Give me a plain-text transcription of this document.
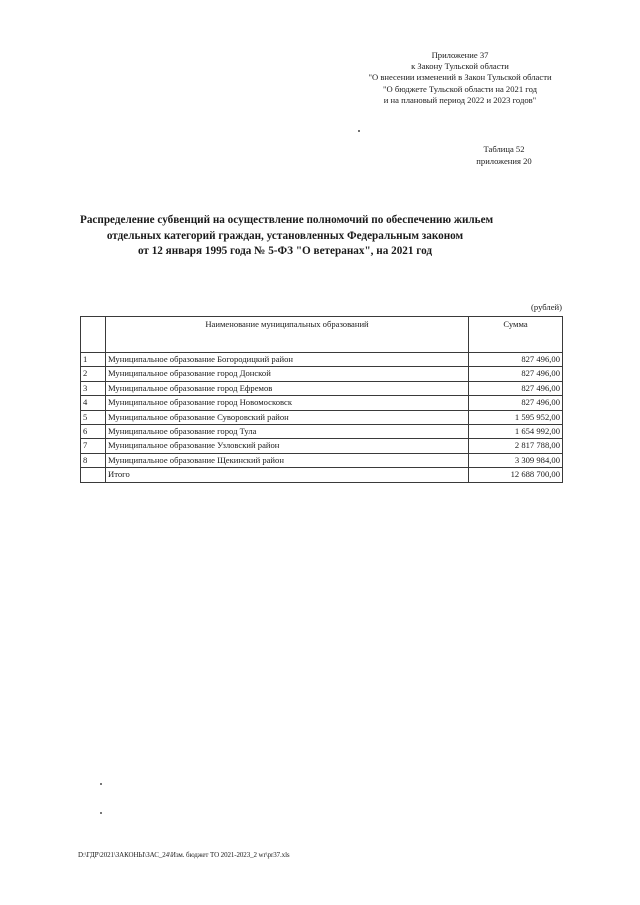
Приложение 37
к Закону Тульской области
"О внесении изменений в Закон Тульской области
"О бюджете Тульской области на 2021 год
и на плановый период 2022 и 2023 годов"
Таблица 52
приложения 20
Распределение субвенций на осуществление полномочий по обеспечению жильем
отдельных категорий граждан, установленных Федеральным законом
от 12 января 1995 года № 5-ФЗ "О ветеранах", на 2021 год
(рублей)
	Наименование муниципальных образований	Сумма
1	Муниципальное образование Богородицкий район	827 496,00
2	Муниципальное образование город Донской	827 496,00
3	Муниципальное образование город Ефремов	827 496,00
4	Муниципальное образование город Новомосковск	827 496,00
5	Муниципальное образование Суворовский район	1 595 952,00
6	Муниципальное образование город Тула	1 654 992,00
7	Муниципальное образование Узловский район	2 817 788,00
8	Муниципальное образование Щекинский район	3 309 984,00
	Итого	12 688 700,00
D:\ГДР\2021\ЗАКОНЫ\ЗАС_24\Изм. бюджет ТО 2021-2023_2 wr\pr37.xls
